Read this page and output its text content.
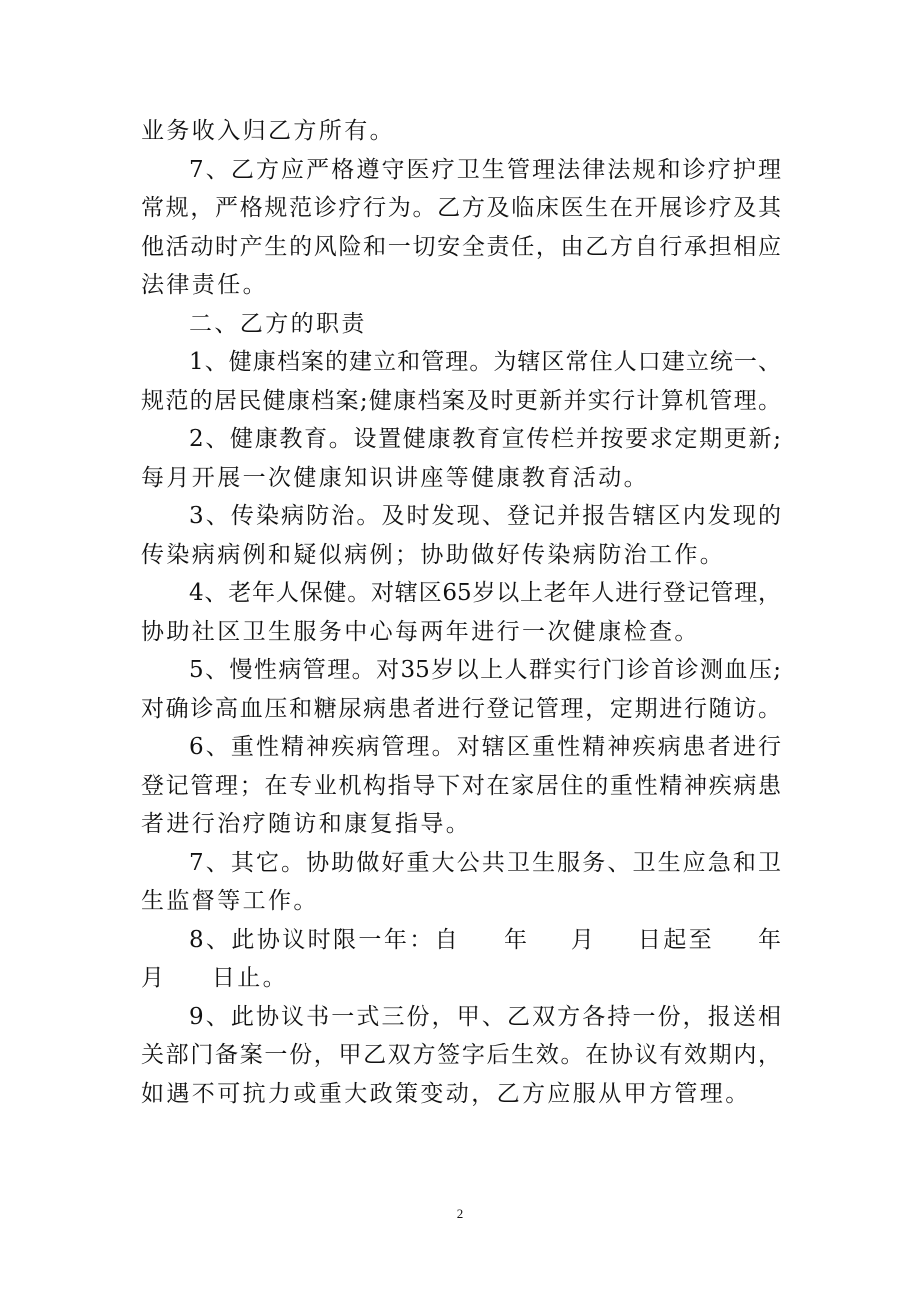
业务收入归乙方所有。
7、乙方应严格遵守医疗卫生管理法律法规和诊疗护理
常规，严格规范诊疗行为。乙方及临床医生在开展诊疗及其
他活动时产生的风险和一切安全责任，由乙方自行承担相应
法律责任。
二、乙方的职责
1、健康档案的建立和管理。为辖区常住人口建立统一、
规范的居民健康档案;健康档案及时更新并实行计算机管理。
2、健康教育。设置健康教育宣传栏并按要求定期更新;
每月开展一次健康知识讲座等健康教育活动。
3、传染病防治。及时发现、登记并报告辖区内发现的
传染病病例和疑似病例；协助做好传染病防治工作。
4、老年人保健。对辖区65岁以上老年人进行登记管理，
协助社区卫生服务中心每两年进行一次健康检查。
5、慢性病管理。对35岁以上人群实行门诊首诊测血压;
对确诊高血压和糖尿病患者进行登记管理，定期进行随访。
6、重性精神疾病管理。对辖区重性精神疾病患者进行
登记管理；在专业机构指导下对在家居住的重性精神疾病患
者进行治疗随访和康复指导。
7、其它。协助做好重大公共卫生服务、卫生应急和卫
生监督等工作。
8、此协议时限一年：自 年 月 日起至 年
月 日止。
9、此协议书一式三份，甲、乙双方各持一份，报送相
关部门备案一份，甲乙双方签字后生效。在协议有效期内，
如遇不可抗力或重大政策变动，乙方应服从甲方管理。
2
